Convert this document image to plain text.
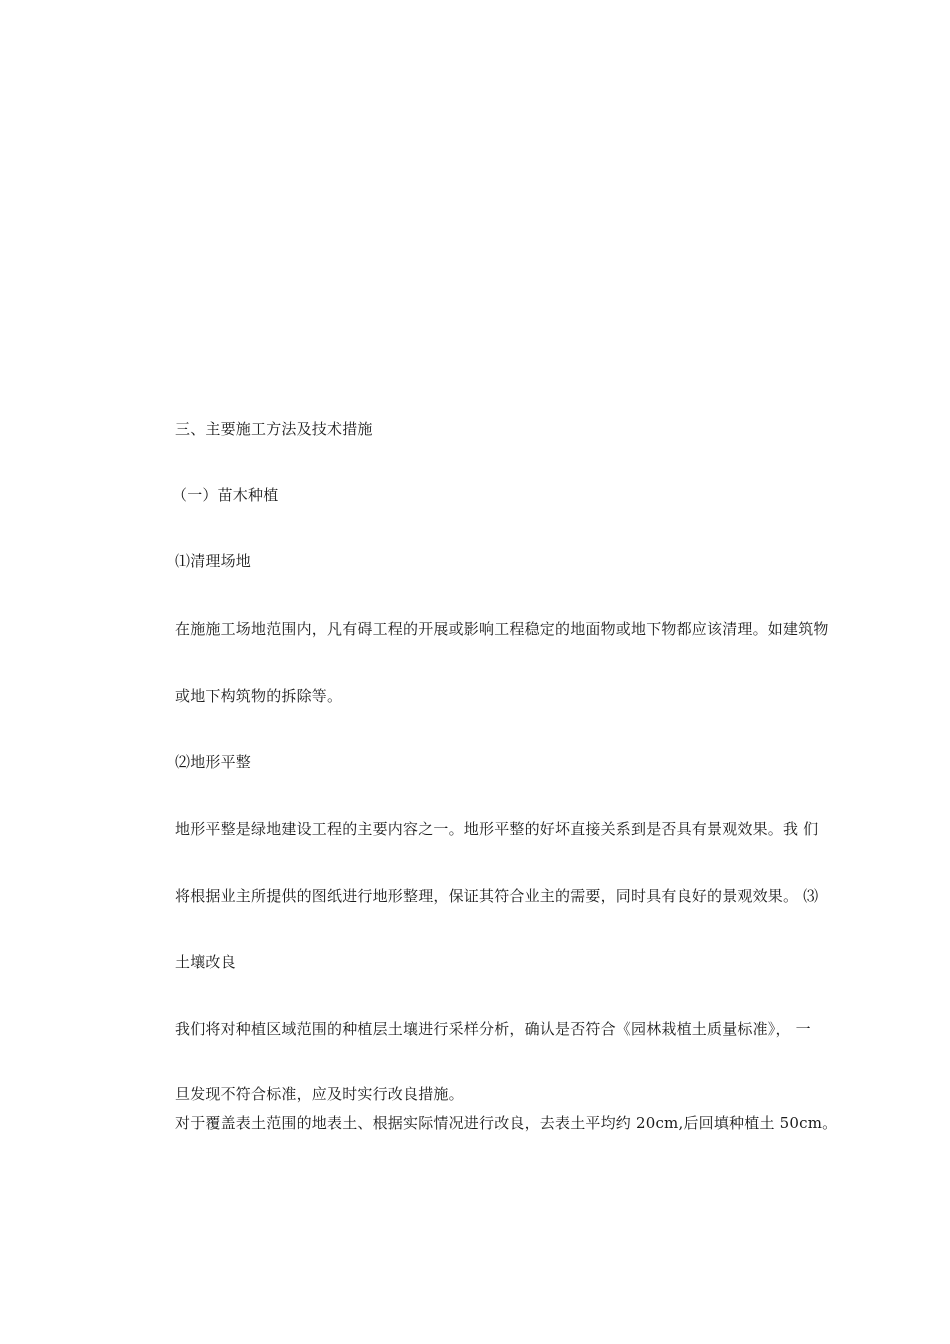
三、主要施工方法及技术措施
（一）苗木种植
⑴清理场地
在施施工场地范围内，凡有碍工程的开展或影响工程稳定的地面物或地下物都应该清理。如建筑物
或地下构筑物的拆除等。
⑵地形平整
地形平整是绿地建设工程的主要内容之一。地形平整的好坏直接关系到是否具有景观效果。我 们
将根据业主所提供的图纸进行地形整理，保证其符合业主的需要，同时具有良好的景观效果。 ⑶
土壤改良
我们将对种植区域范围的种植层土壤进行采样分析，确认是否符合《园林栽植土质量标准》， 一
旦发现不符合标准，应及时实行改良措施。
对于覆盖表土范围的地表土、根据实际情况进行改良，去表土平均约 20cm,后回填种植土 50cm。
